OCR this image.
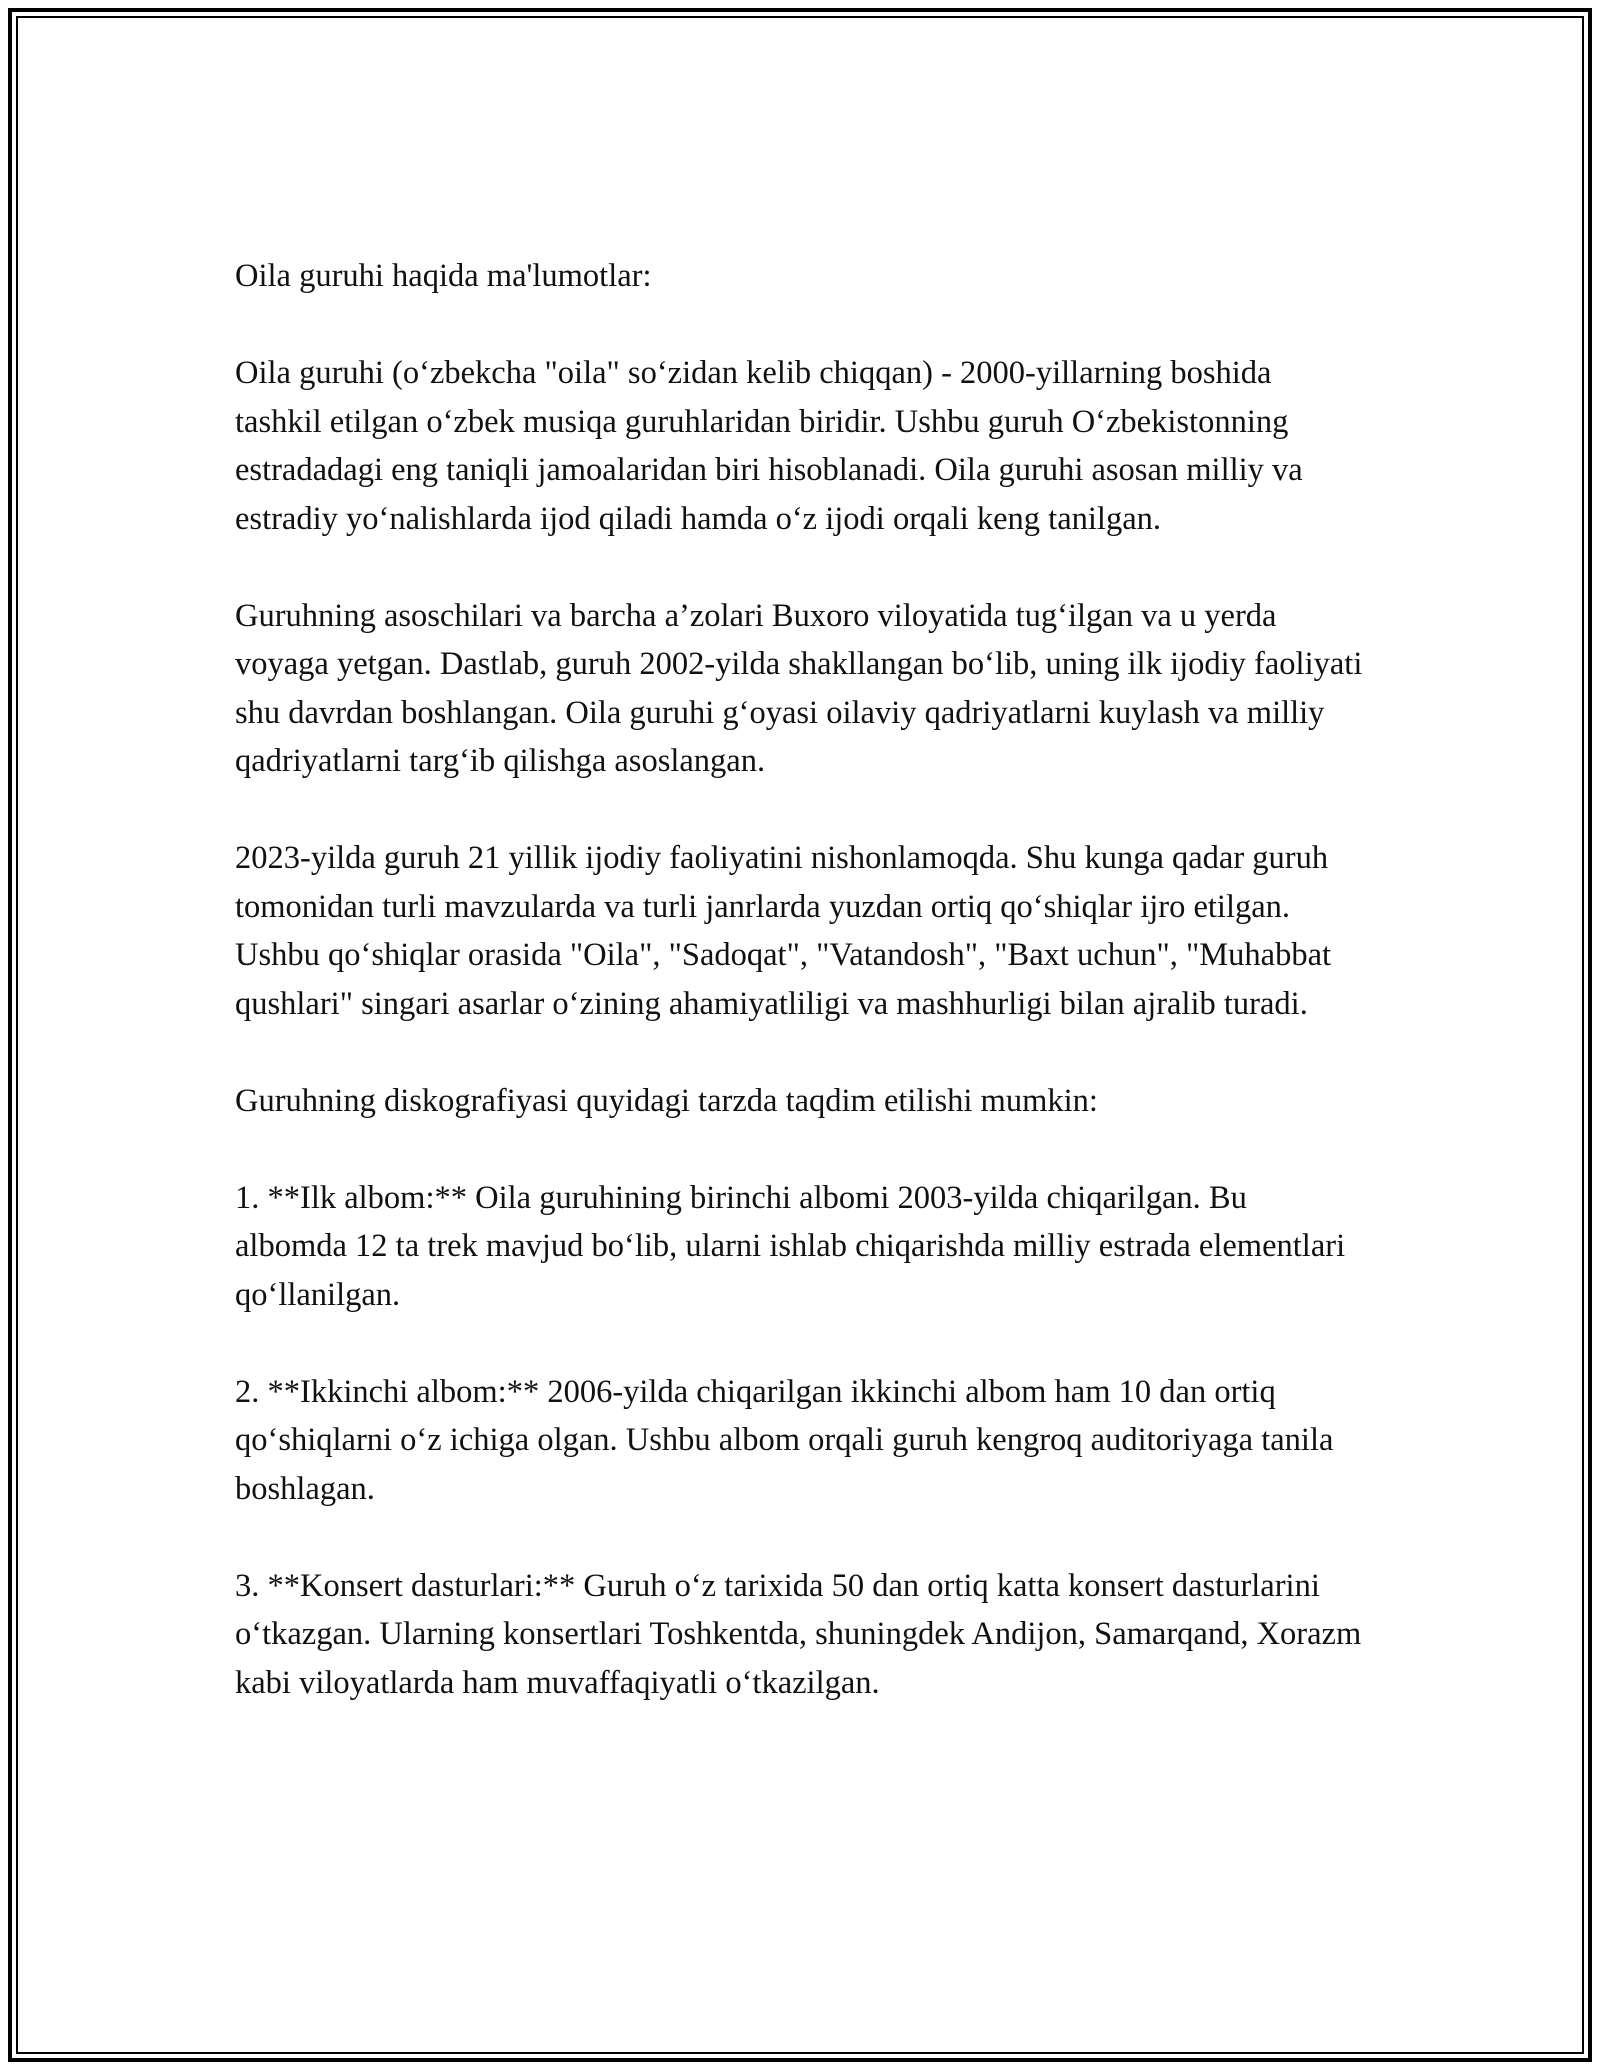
Oila guruhi haqida ma'lumotlar:

Oila guruhi (oʻzbekcha "oila" soʻzidan kelib chiqqan) - 2000-yillarning boshida tashkil etilgan oʻzbek musiqa guruhlaridan biridir. Ushbu guruh Oʻzbekistonning estradadagi eng taniqli jamoalaridan biri hisoblanadi. Oila guruhi asosan milliy va estradiy yoʻnalishlarda ijod qiladi hamda oʻz ijodi orqali keng tanilgan.

Guruhning asoschilari va barcha a’zolari Buxoro viloyatida tugʻilgan va u yerda voyaga yetgan. Dastlab, guruh 2002-yilda shakllangan boʻlib, uning ilk ijodiy faoliyati shu davrdan boshlangan. Oila guruhi gʻoyasi oilaviy qadriyatlarni kuylash va milliy qadriyatlarni targʻib qilishga asoslangan.

2023-yilda guruh 21 yillik ijodiy faoliyatini nishonlamoqda. Shu kunga qadar guruh tomonidan turli mavzularda va turli janrlarda yuzdan ortiq qoʻshiqlar ijro etilgan. Ushbu qoʻshiqlar orasida "Oila", "Sadoqat", "Vatandosh", "Baxt uchun", "Muhabbat qushlari" singari asarlar oʻzining ahamiyatliligi va mashhurligi bilan ajralib turadi.

Guruhning diskografiyasi quyidagi tarzda taqdim etilishi mumkin:

1. **Ilk albom:** Oila guruhining birinchi albomi 2003-yilda chiqarilgan. Bu albomda 12 ta trek mavjud boʻlib, ularni ishlab chiqarishda milliy estrada elementlari qoʻllanilgan.

2. **Ikkinchi albom:** 2006-yilda chiqarilgan ikkinchi albom ham 10 dan ortiq qoʻshiqlarni oʻz ichiga olgan. Ushbu albom orqali guruh kengroq auditoriyaga tanila boshlagan.

3. **Konsert dasturlari:** Guruh oʻz tarixida 50 dan ortiq katta konsert dasturlarini oʻtkazgan. Ularning konsertlari Toshkentda, shuningdek Andijon, Samarqand, Xorazm kabi viloyatlarda ham muvaffaqiyatli oʻtkazilgan.
